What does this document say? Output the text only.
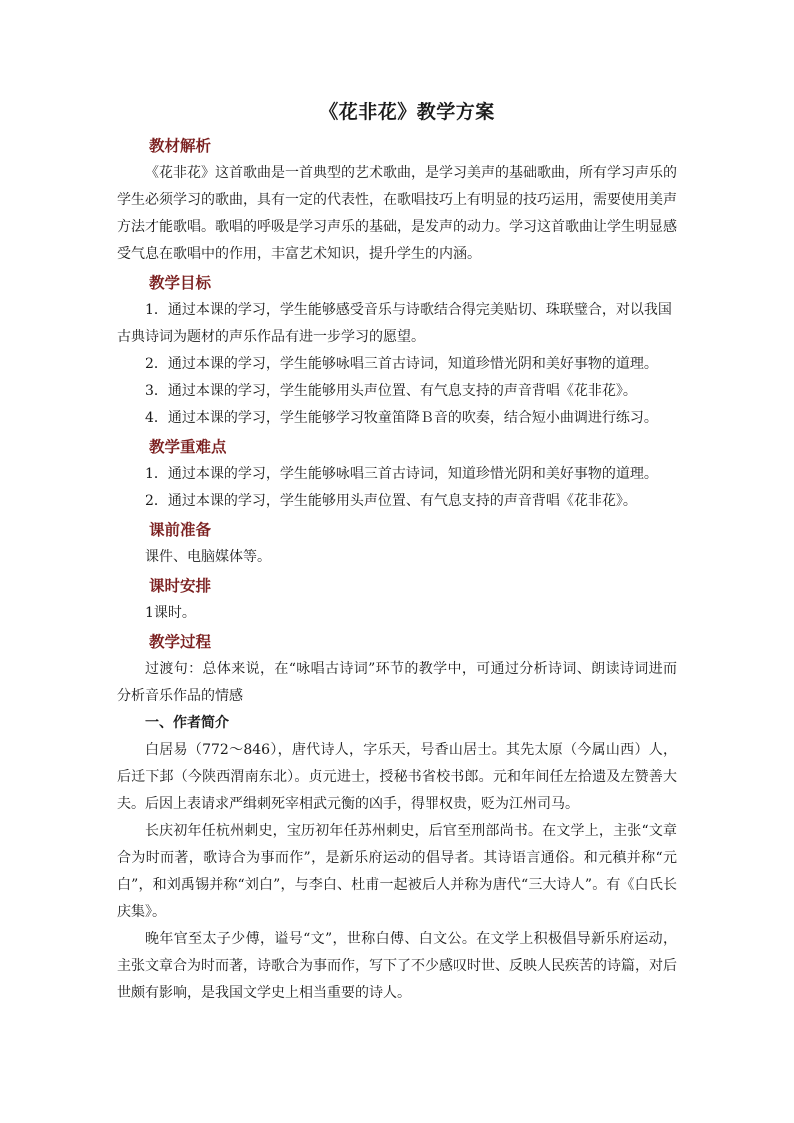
《花非花》教学方案
教材解析

《花非花》这首歌曲是一首典型的艺术歌曲，是学习美声的基础歌曲，所有学习声乐的学生必须学习的歌曲，具有一定的代表性，在歌唱技巧上有明显的技巧运用，需要使用美声方法才能歌唱。歌唱的呼吸是学习声乐的基础，是发声的动力。学习这首歌曲让学生明显感受气息在歌唱中的作用，丰富艺术知识，提升学生的内涵。

教学目标

1．通过本课的学习，学生能够感受音乐与诗歌结合得完美贴切、珠联璧合，对以我国古典诗词为题材的声乐作品有进一步学习的愿望。

2．通过本课的学习，学生能够咏唱三首古诗词，知道珍惜光阴和美好事物的道理。

3．通过本课的学习，学生能够用头声位置、有气息支持的声音背唱《花非花》。

4．通过本课的学习，学生能够学习牧童笛降Ｂ音的吹奏，结合短小曲调进行练习。

教学重难点

1．通过本课的学习，学生能够咏唱三首古诗词，知道珍惜光阴和美好事物的道理。

2．通过本课的学习，学生能够用头声位置、有气息支持的声音背唱《花非花》。

课前准备

课件、电脑媒体等。

课时安排

1课时。

教学过程

过渡句：总体来说，在“咏唱古诗词”环节的教学中，可通过分析诗词、朗读诗词进而分析音乐作品的情感

一、作者简介

白居易（772～846），唐代诗人，字乐天，号香山居士。其先太原（今属山西）人，后迁下邽（今陕西渭南东北）。贞元进士，授秘书省校书郎。元和年间任左拾遗及左赞善大夫。后因上表请求严缉刺死宰相武元衡的凶手，得罪权贵，贬为江州司马。

长庆初年任杭州刺史，宝历初年任苏州刺史，后官至刑部尚书。在文学上，主张“文章合为时而著，歌诗合为事而作”，是新乐府运动的倡导者。其诗语言通俗。和元稹并称“元白”，和刘禹锡并称“刘白”，与李白、杜甫一起被后人并称为唐代“三大诗人”。有《白氏长庆集》。

晚年官至太子少傅，谥号“文”，世称白傅、白文公。在文学上积极倡导新乐府运动，主张文章合为时而著，诗歌合为事而作，写下了不少感叹时世、反映人民疾苦的诗篇，对后世颇有影响，是我国文学史上相当重要的诗人。
